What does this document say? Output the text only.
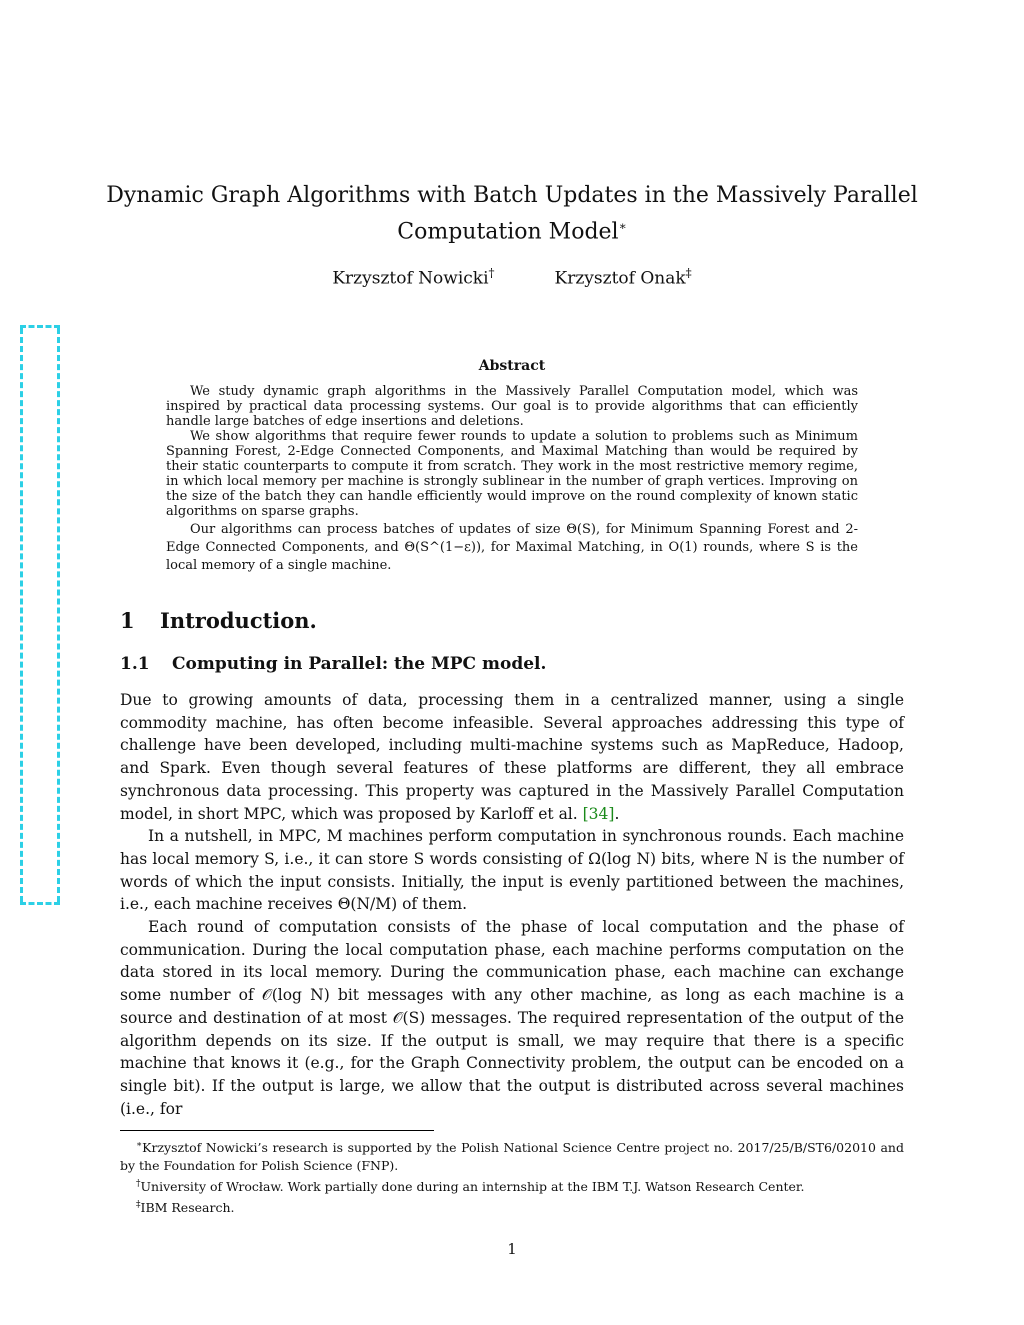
Dynamic Graph Algorithms with Batch Updates in the Massively Parallel
Computation Model∗
Krzysztof Nowicki†	Krzysztof Onak‡
Abstract

We study dynamic graph algorithms in the Massively Parallel Computation model, which was inspired by practical data processing systems. Our goal is to provide algorithms that can efficiently handle large batches of edge insertions and deletions.

We show algorithms that require fewer rounds to update a solution to problems such as Minimum Spanning Forest, 2-Edge Connected Components, and Maximal Matching than would be required by their static counterparts to compute it from scratch. They work in the most restrictive memory regime, in which local memory per machine is strongly sublinear in the number of graph vertices. Improving on the size of the batch they can handle efficiently would improve on the round complexity of known static algorithms on sparse graphs.

Our algorithms can process batches of updates of size Θ(S), for Minimum Spanning Forest and 2-Edge Connected Components, and Θ(S^(1−ε)), for Maximal Matching, in O(1) rounds, where S is the local memory of a single machine.

1 Introduction.
1.1 Computing in Parallel: the MPC model.

Due to growing amounts of data, processing them in a centralized manner, using a single commodity machine, has often become infeasible. Several approaches addressing this type of challenge have been developed, including multi-machine systems such as MapReduce, Hadoop, and Spark. Even though several features of these platforms are different, they all embrace synchronous data processing. This property was captured in the Massively Parallel Computation model, in short MPC, which was proposed by Karloff et al. [34].

In a nutshell, in MPC, M machines perform computation in synchronous rounds. Each machine has local memory S, i.e., it can store S words consisting of Ω(log N) bits, where N is the number of words of which the input consists. Initially, the input is evenly partitioned between the machines, i.e., each machine receives Θ(N/M) of them.

Each round of computation consists of the phase of local computation and the phase of communication. During the local computation phase, each machine performs computation on the data stored in its local memory. During the communication phase, each machine can exchange some number of 𝒪(log N) bit messages with any other machine, as long as each machine is a source and destination of at most 𝒪(S) messages. The required representation of the output of the algorithm depends on its size. If the output is small, we may require that there is a specific machine that knows it (e.g., for the Graph Connectivity problem, the output can be encoded on a single bit). If the output is large, we allow that the output is distributed across several machines (i.e., for

∗Krzysztof Nowicki’s research is supported by the Polish National Science Centre project no. 2017/25/B/ST6/02010 and by the Foundation for Polish Science (FNP).

†University of Wrocław. Work partially done during an internship at the IBM T.J. Watson Research Center.

‡IBM Research.

1
